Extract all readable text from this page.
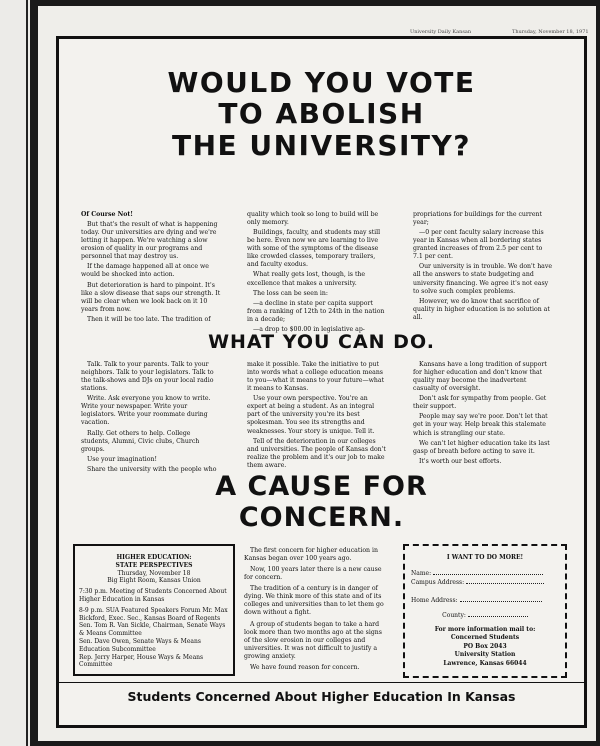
University Daily Kansan	Thursday, November 18, 1971
WOULD YOU VOTE
TO ABOLISH
THE UNIVERSITY?

Of Course Not!

But that's the result of what is happening today. Our universities are dying and we're letting it happen. We're watching a slow erosion of quality in our programs and personnel that may destroy us.

If the damage happened all at once we would be shocked into action.

But deterioration is hard to pinpoint. It's like a slow disease that saps our strength. It will be clear when we look back on it 10 years from now.

Then it will be too late. The tradition of

quality which took so long to build will be only memory.

Buildings, faculty, and students may still be here. Even now we are learning to live with some of the symptoms of the disease like crowded classes, temporary trailers, and faculty exodus.

What really gets lost, though, is the excellence that makes a university.

The loss can be seen in:

—a decline in state per capita support from a ranking of 12th to 24th in the nation in a decade;

—a drop to $00.00 in legislative ap-

propriations for buildings for the current year;

—0 per cent faculty salary increase this year in Kansas when all bordering states granted increases of from 2.5 per cent to 7.1 per cent.

Our university is in trouble. We don't have all the answers to state budgeting and university financing. We agree it's not easy to solve such complex problems.

However, we do know that sacrifice of quality in higher education is no solution at all.

WHAT YOU CAN DO.

Talk. Talk to your parents. Talk to your neighbors. Talk to your legislators. Talk to the talk-shows and DJs on your local radio stations.

Write. Ask everyone you know to write. Write your newspaper. Write your legislators. Write your roommate during vacation.

Rally. Get others to help. College students, Alumni, Civic clubs, Church groups.

Use your imagination!

Share the university with the people who

make it possible. Take the initiative to put into words what a college education means to you—what it means to your future—what it means to Kansas.

Use your own perspective. You're an expert at being a student. As an integral part of the university you're its best spokesman. You see its strengths and weaknesses. Your story is unique. Tell it.

Tell of the deterioration in our colleges and universities. The people of Kansas don't realize the problem and it's our job to make them aware.

Kansans have a long tradition of support for higher education and don't know that quality may become the inadvertent casualty of oversight.

Don't ask for sympathy from people. Get their support.

People may say we're poor. Don't let that get in your way. Help break this stalemate which is strangling our state.

We can't let higher education take its last gasp of breath before acting to save it.

It's worth our best efforts.

A CAUSE FOR
CONCERN.
HIGHER EDUCATION:
STATE PERSPECTIVES
Thursday, November 18
Big Eight Room, Kansas Union

7:30 p.m. Meeting of Students Concerned About Higher Education in Kansas

8-9 p.m. SUA Featured Speakers Forum Mr. Max Bickford, Exec. Sec., Kansas Board of Regents

Sen. Tom R. Van Sickle, Chairman, Senate Ways & Means Committee

Sen. Dave Owen, Senate Ways & Means Education Subcommittee

Rep. Jerry Harper, House Ways & Means Committee

The first concern for higher education in Kansas began over 100 years ago.

Now, 100 years later there is a new cause for concern.

The tradition of a century is in danger of dying. We think more of this state and of its colleges and universities than to let them go down without a fight.

A group of students began to take a hard look more than two months ago at the signs of the slow erosion in our colleges and universities. It was not difficult to justify a growing anxiety.

We have found reason for concern.

I WANT TO DO MORE!
Name:
Campus Address:
Home Address:
County:
For more information mail to:
Concerned Students
PO Box 2043
University Station
Lawrence, Kansas 66044
Students Concerned About Higher Education In Kansas
